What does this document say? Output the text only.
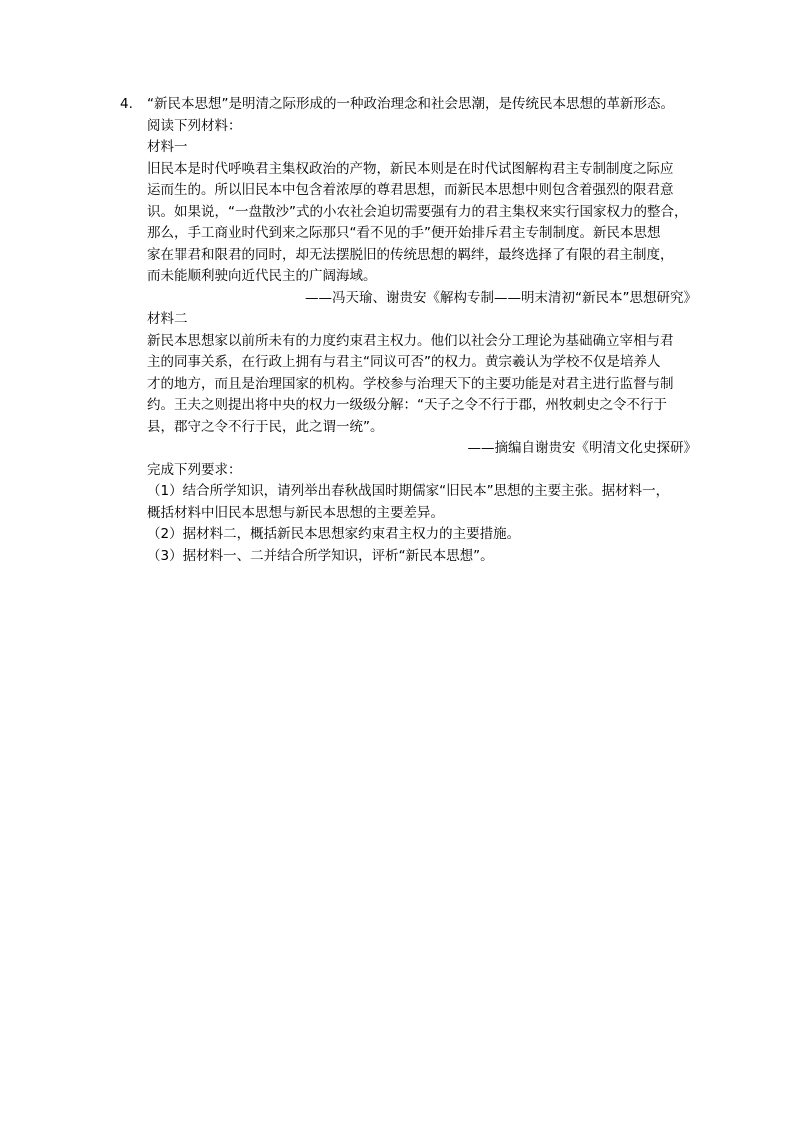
4.	“新民本思想”是明清之际形成的一种政治理念和社会思潮，是传统民本思想的革新形态。
阅读下列材料：
材料一
旧民本是时代呼唤君主集权政治的产物，新民本则是在时代试图解构君主专制制度之际应
运而生的。所以旧民本中包含着浓厚的尊君思想，而新民本思想中则包含着强烈的限君意
识。如果说，“一盘散沙”式的小农社会迫切需要强有力的君主集权来实行国家权力的整合，
那么，手工商业时代到来之际那只“看不见的手”便开始排斥君主专制制度。新民本思想
家在罪君和限君的同时，却无法摆脱旧的传统思想的羁绊，最终选择了有限的君主制度，
而未能顺利驶向近代民主的广阔海域。
——冯天瑜、谢贵安《解构专制——明末清初“新民本”思想研究》
材料二
新民本思想家以前所未有的力度约束君主权力。他们以社会分工理论为基础确立宰相与君
主的同事关系，在行政上拥有与君主“同议可否”的权力。黄宗羲认为学校不仅是培养人
才的地方，而且是治理国家的机构。学校参与治理天下的主要功能是对君主进行监督与制
约。王夫之则提出将中央的权力一级级分解：“天子之令不行于郡，州牧刺史之令不行于
县，郡守之令不行于民，此之谓一统”。
——摘编自谢贵安《明清文化史探研》
完成下列要求：
（1）结合所学知识，请列举出春秋战国时期儒家“旧民本”思想的主要主张。据材料一，
概括材料中旧民本思想与新民本思想的主要差异。
（2）据材料二，概括新民本思想家约束君主权力的主要措施。
（3）据材料一、二并结合所学知识，评析“新民本思想”。
